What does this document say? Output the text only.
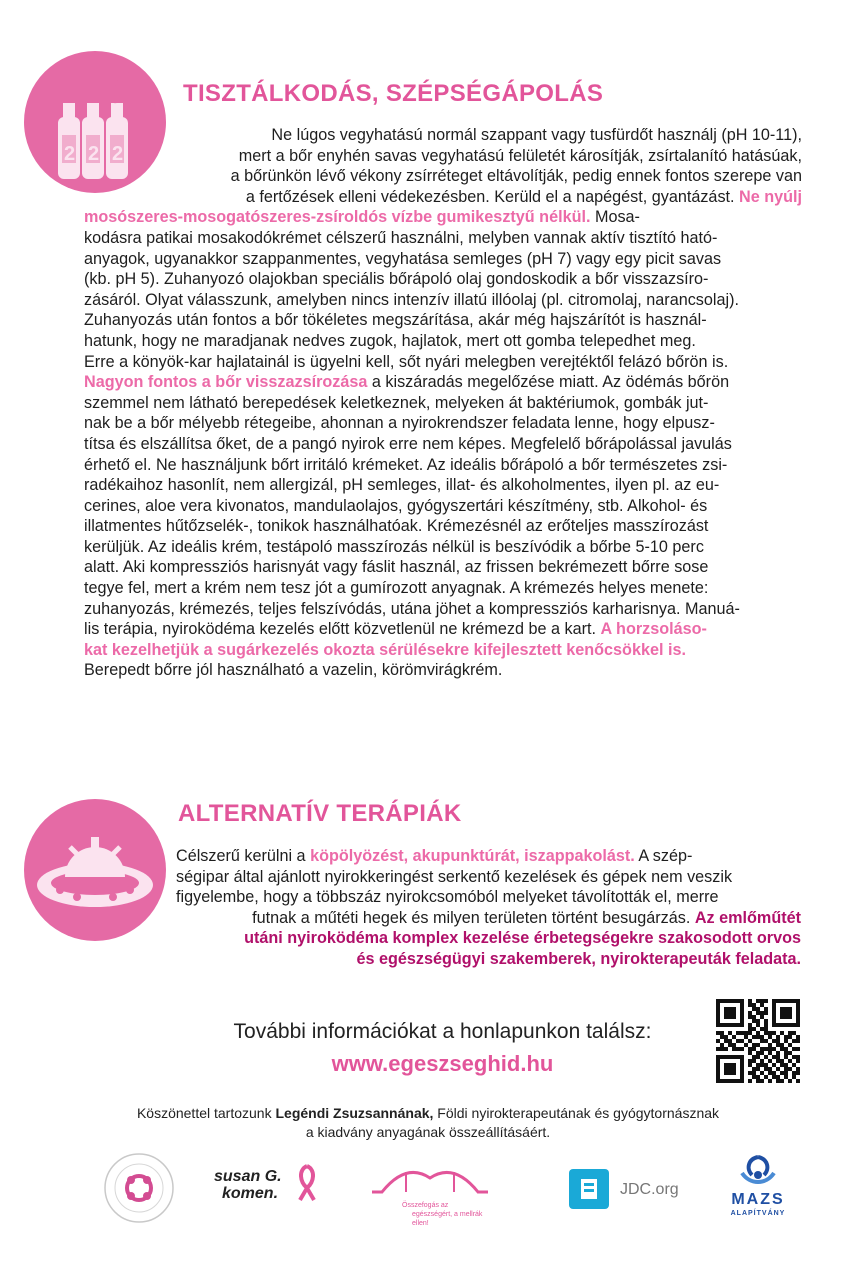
2 2 2
TISZTÁLKODÁS, SZÉPSÉGÁPOLÁS
Ne lúgos vegyhatású normál szappant vagy tusfürdőt használj (pH 10-11),
mert a bőr enyhén savas vegyhatású felületét károsítják, zsírtalanító hatásúak,
a bőrünkön lévő vékony zsírréteget eltávolítják, pedig ennek fontos szerepe van
a fertőzések elleni védekezésben. Kerüld el a napégést, gyantázást. Ne nyúlj
mosószeres-mosogatószeres-zsíroldós vízbe gumikesztyű nélkül. Mosa-
kodásra patikai mosakodókrémet célszerű használni, melyben vannak aktív tisztító ható-
anyagok, ugyanakkor szappanmentes, vegyhatása semleges (pH 7) vagy egy picit savas
(kb. pH 5). Zuhanyozó olajokban speciális bőrápoló olaj gondoskodik a bőr visszazsíro-
zásáról. Olyat válasszunk, amelyben nincs intenzív illatú illóolaj (pl. citromolaj, narancsolaj).
Zuhanyozás után fontos a bőr tökéletes megszárítása, akár még hajszárítót is használ-
hatunk, hogy ne maradjanak nedves zugok, hajlatok, mert ott gomba telepedhet meg.
Erre a könyök-kar hajlatainál is ügyelni kell, sőt nyári melegben verejtéktől felázó bőrön is.
Nagyon fontos a bőr visszazsírozása a kiszáradás megelőzése miatt. Az ödémás bőrön
szemmel nem látható berepedések keletkeznek, melyeken át baktériumok, gombák jut-
nak be a bőr mélyebb rétegeibe, ahonnan a nyirokrendszer feladata lenne, hogy elpusz-
títsa és elszállítsa őket, de a pangó nyirok erre nem képes. Megfelelő bőrápolással javulás
érhető el. Ne használjunk bőrt irritáló krémeket. Az ideális bőrápoló a bőr természetes zsi-
radékaihoz hasonlít, nem allergizál, pH semleges, illat- és alkoholmentes, ilyen pl. az eu-
cerines, aloe vera kivonatos, mandulaolajos, gyógyszertári készítmény, stb. Alkohol- és
illatmentes hűtőzselék-, tonikok használhatóak. Krémezésnél az erőteljes masszírozást
kerüljük. Az ideális krém, testápoló masszírozás nélkül is beszívódik a bőrbe 5-10 perc
alatt. Aki kompressziós harisnyát vagy fáslit használ, az frissen bekrémezett bőrre sose
tegye fel, mert a krém nem tesz jót a gumírozott anyagnak. A krémezés helyes menete:
zuhanyozás, krémezés, teljes felszívódás, utána jöhet a kompressziós karharisnya. Manuá-
lis terápia, nyiroködéma kezelés előtt közvetlenül ne krémezd be a kart. A horzsoláso-
kat kezelhetjük a sugárkezelés okozta sérülésekre kifejlesztett kenőcsökkel is.
Berepedt bőrre jól használható a vazelin, körömvirágkrém.
ALTERNATÍV TERÁPIÁK
Célszerű kerülni a köpölyözést, akupunktúrát, iszappakolást. A szép-
ségipar által ajánlott nyirokkeringést serkentő kezelések és gépek nem veszik
figyelembe, hogy a többszáz nyirokcsomóból melyeket távolították el, merre
futnak a műtéti hegek és milyen területen történt besugárzás. Az emlőműtét
utáni nyiroködéma komplex kezelése érbetegségekre szakosodott orvos
és egészségügyi szakemberek, nyirokterapeuták feladata.
További információkat a honlapunkon találsz:
www.egeszseghid.hu
Köszönettel tartozunk Legéndi Zsuzsannának, Földi nyirokterapeutának és gyógytornásznak
a kiadvány anyagának összeállításáért.
susan G.
komen.
Összefogás az
egészségért, a mellrák ellen!
JDC.org
MAZS
ALAPÍTVÁNY
